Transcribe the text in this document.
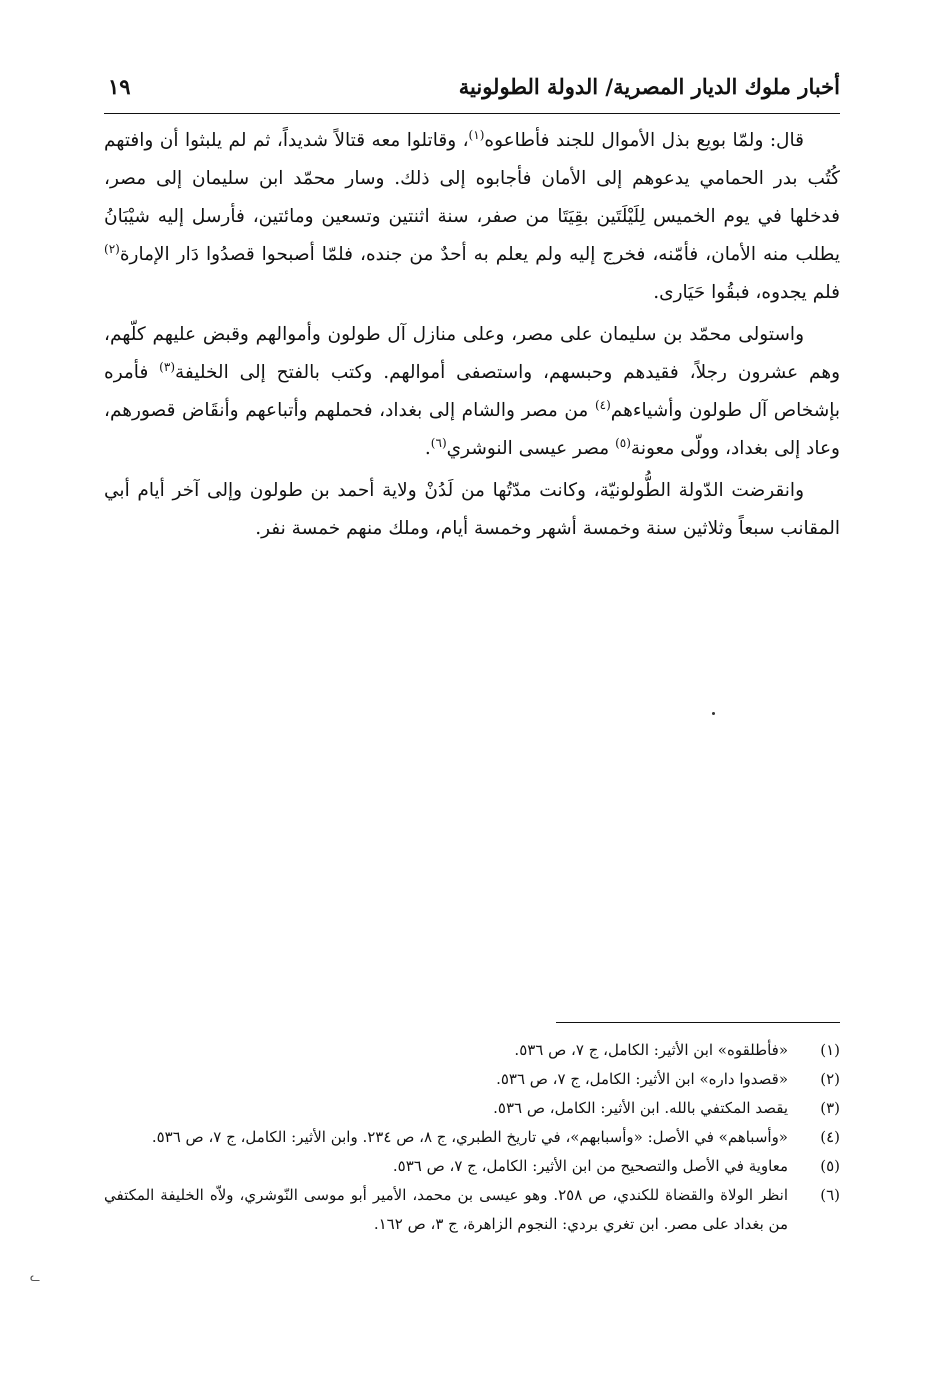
أخبار ملوك الديار المصرية/ الدولة الطولونية
١٩

قال: ولمّا بويع بذل الأموال للجند فأطاعوه$^{(١)}$، وقاتلوا معه قتالاً شديداً، ثم لم يلبثوا أن وافتهم كُتُب بدر الحمامي يدعوهم إلى الأمان فأجابوه إلى ذلك. وسار محمّد ابن سليمان إلى مصر، فدخلها في يوم الخميس لِلَيْلَتَين بقِيَتَا من صفر، سنة اثنتين وتسعين ومائتين، فأرسل إليه شيْبَانُ يطلب منه الأمان، فأمّنه، فخرج إليه ولم يعلم به أحدٌ من جنده، فلمّا أصبحوا قصدُوا دَار الإمارة$^{(٢)}$ فلم يجدوه، فبقُوا حَيَارى.

واستولى محمّد بن سليمان على مصر، وعلى منازل آل طولون وأموالهم وقبض عليهم كلّهم، وهم عشرون رجلاً، فقيدهم وحبسهم، واستصفى أموالهم. وكتب بالفتح إلى الخليفة$^{(٣)}$ فأمره بإشخاص آل طولون وأشياءهم$^{(٤)}$ من مصر والشام إلى بغداد، فحملهم وأتباعهم وأنقَاض قصورهم، وعاد إلى بغداد، وولّى معونة$^{(٥)}$ مصر عيسى النوشري$^{(٦)}$.

وانقرضت الدّولة الطُّولونيّة، وكانت مدّتُها من لَدُنْ ولاية أحمد بن طولون وإلى آخر أيام أبي المقانب سبعاً وثلاثين سنة وخمسة أشهر وخمسة أيام، وملك منهم خمسة نفر.

(١)
«فأطلقوه» ابن الأثير: الكامل، ج ٧، ص ٥٣٦.
(٢)
«قصدوا داره» ابن الأثير: الكامل، ج ٧، ص ٥٣٦.
(٣)
يقصد المكتفي بالله. ابن الأثير: الكامل، ص ٥٣٦.
(٤)
«وأسباهم» في الأصل: «وأسبابهم»، في تاريخ الطبري، ج ٨، ص ٢٣٤. وابن الأثير: الكامل، ج ٧، ص ٥٣٦.
(٥)
معاوية في الأصل والتصحيح من ابن الأثير: الكامل، ج ٧، ص ٥٣٦.
(٦)
انظر الولاة والقضاة للكندي، ص ٢٥٨. وهو عيسى بن محمد، الأمير أبو موسى النّوشري، ولاّه الخليفة المكتفي من بغداد على مصر. ابن تغري بردي: النجوم الزاهرة، ج ٣، ص ١٦٢.
ᓚ
